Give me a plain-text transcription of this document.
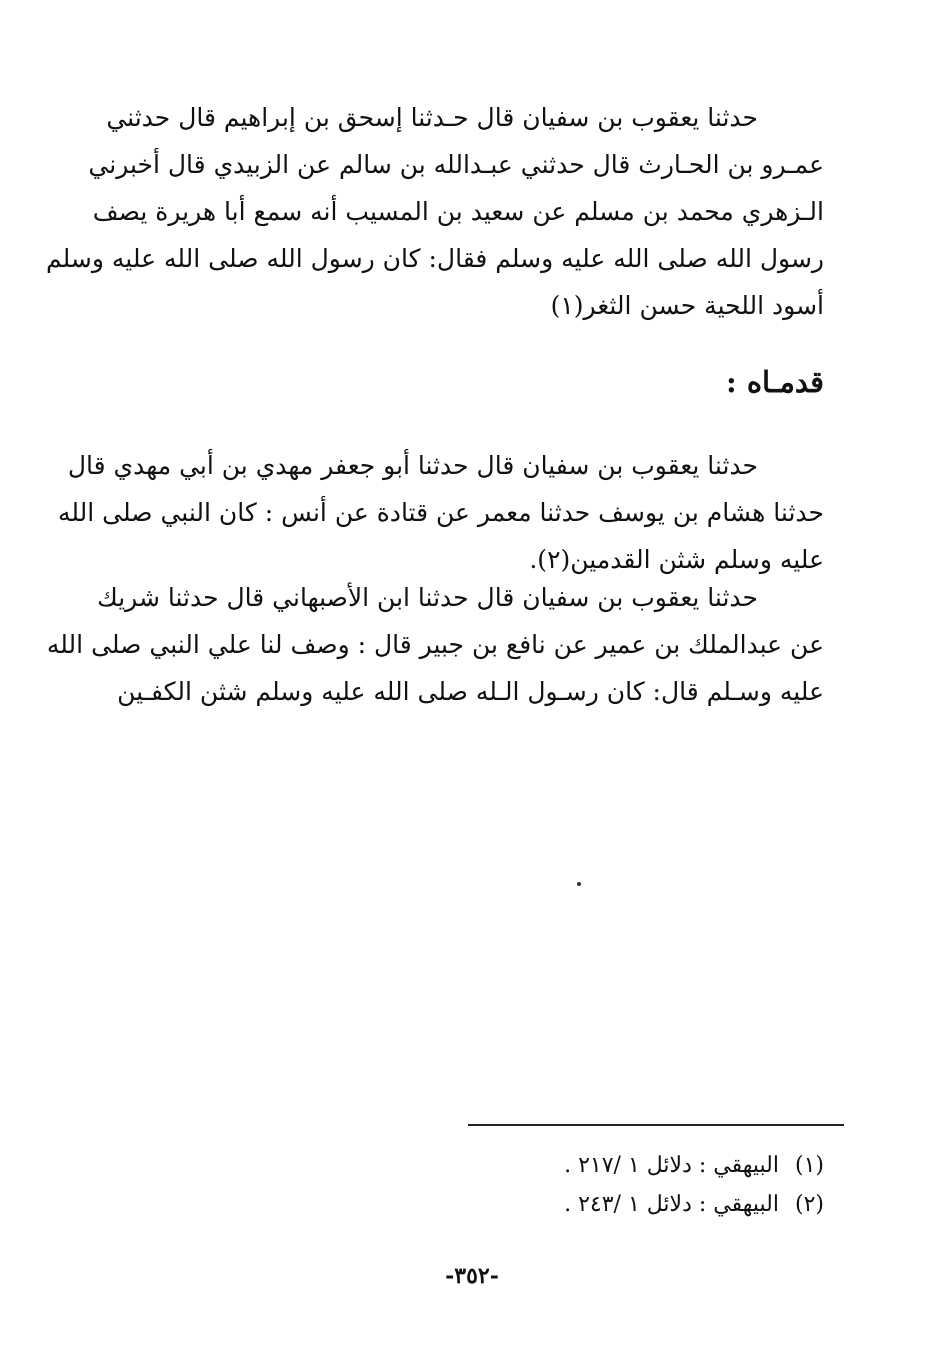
حدثنا يعقوب بن سفيان قال حـدثنا إسحق بن إبراهيم قال حدثني
عمـرو بن الحـارث قال حدثني عبـدالله بن سالم عن الزبيدي قال أخبرني
الـزهري محمد بن مسلم عن سعيد بن المسيب أنه سمع أبا هريرة يصف
رسول الله صلى الله عليه وسلم فقال: كان رسول الله صلى الله عليه وسلم
أسود اللحية حسن الثغر(١)
قدمـاه :
حدثنا يعقوب بن سفيان قال حدثنا أبو جعفر مهدي بن أبي مهدي قال
حدثنا هشام بن يوسف حدثنا معمر عن قتادة عن أنس : كان النبي صلى الله
عليه وسلم شثن القدمين(٢).
حدثنا يعقوب بن سفيان قال حدثنا ابن الأصبهاني قال حدثنا شريك
عن عبدالملك بن عمير عن نافع بن جبير قال : وصف لنا علي النبي صلى الله
عليه وسـلم قال: كان رسـول الـله صلى الله عليه وسلم شثن الكفـين
(١)البيهقي : دلائل ١ /٢١٧ .
(٢)البيهقي : دلائل ١ /٢٤٣ .
-٣٥٢-
